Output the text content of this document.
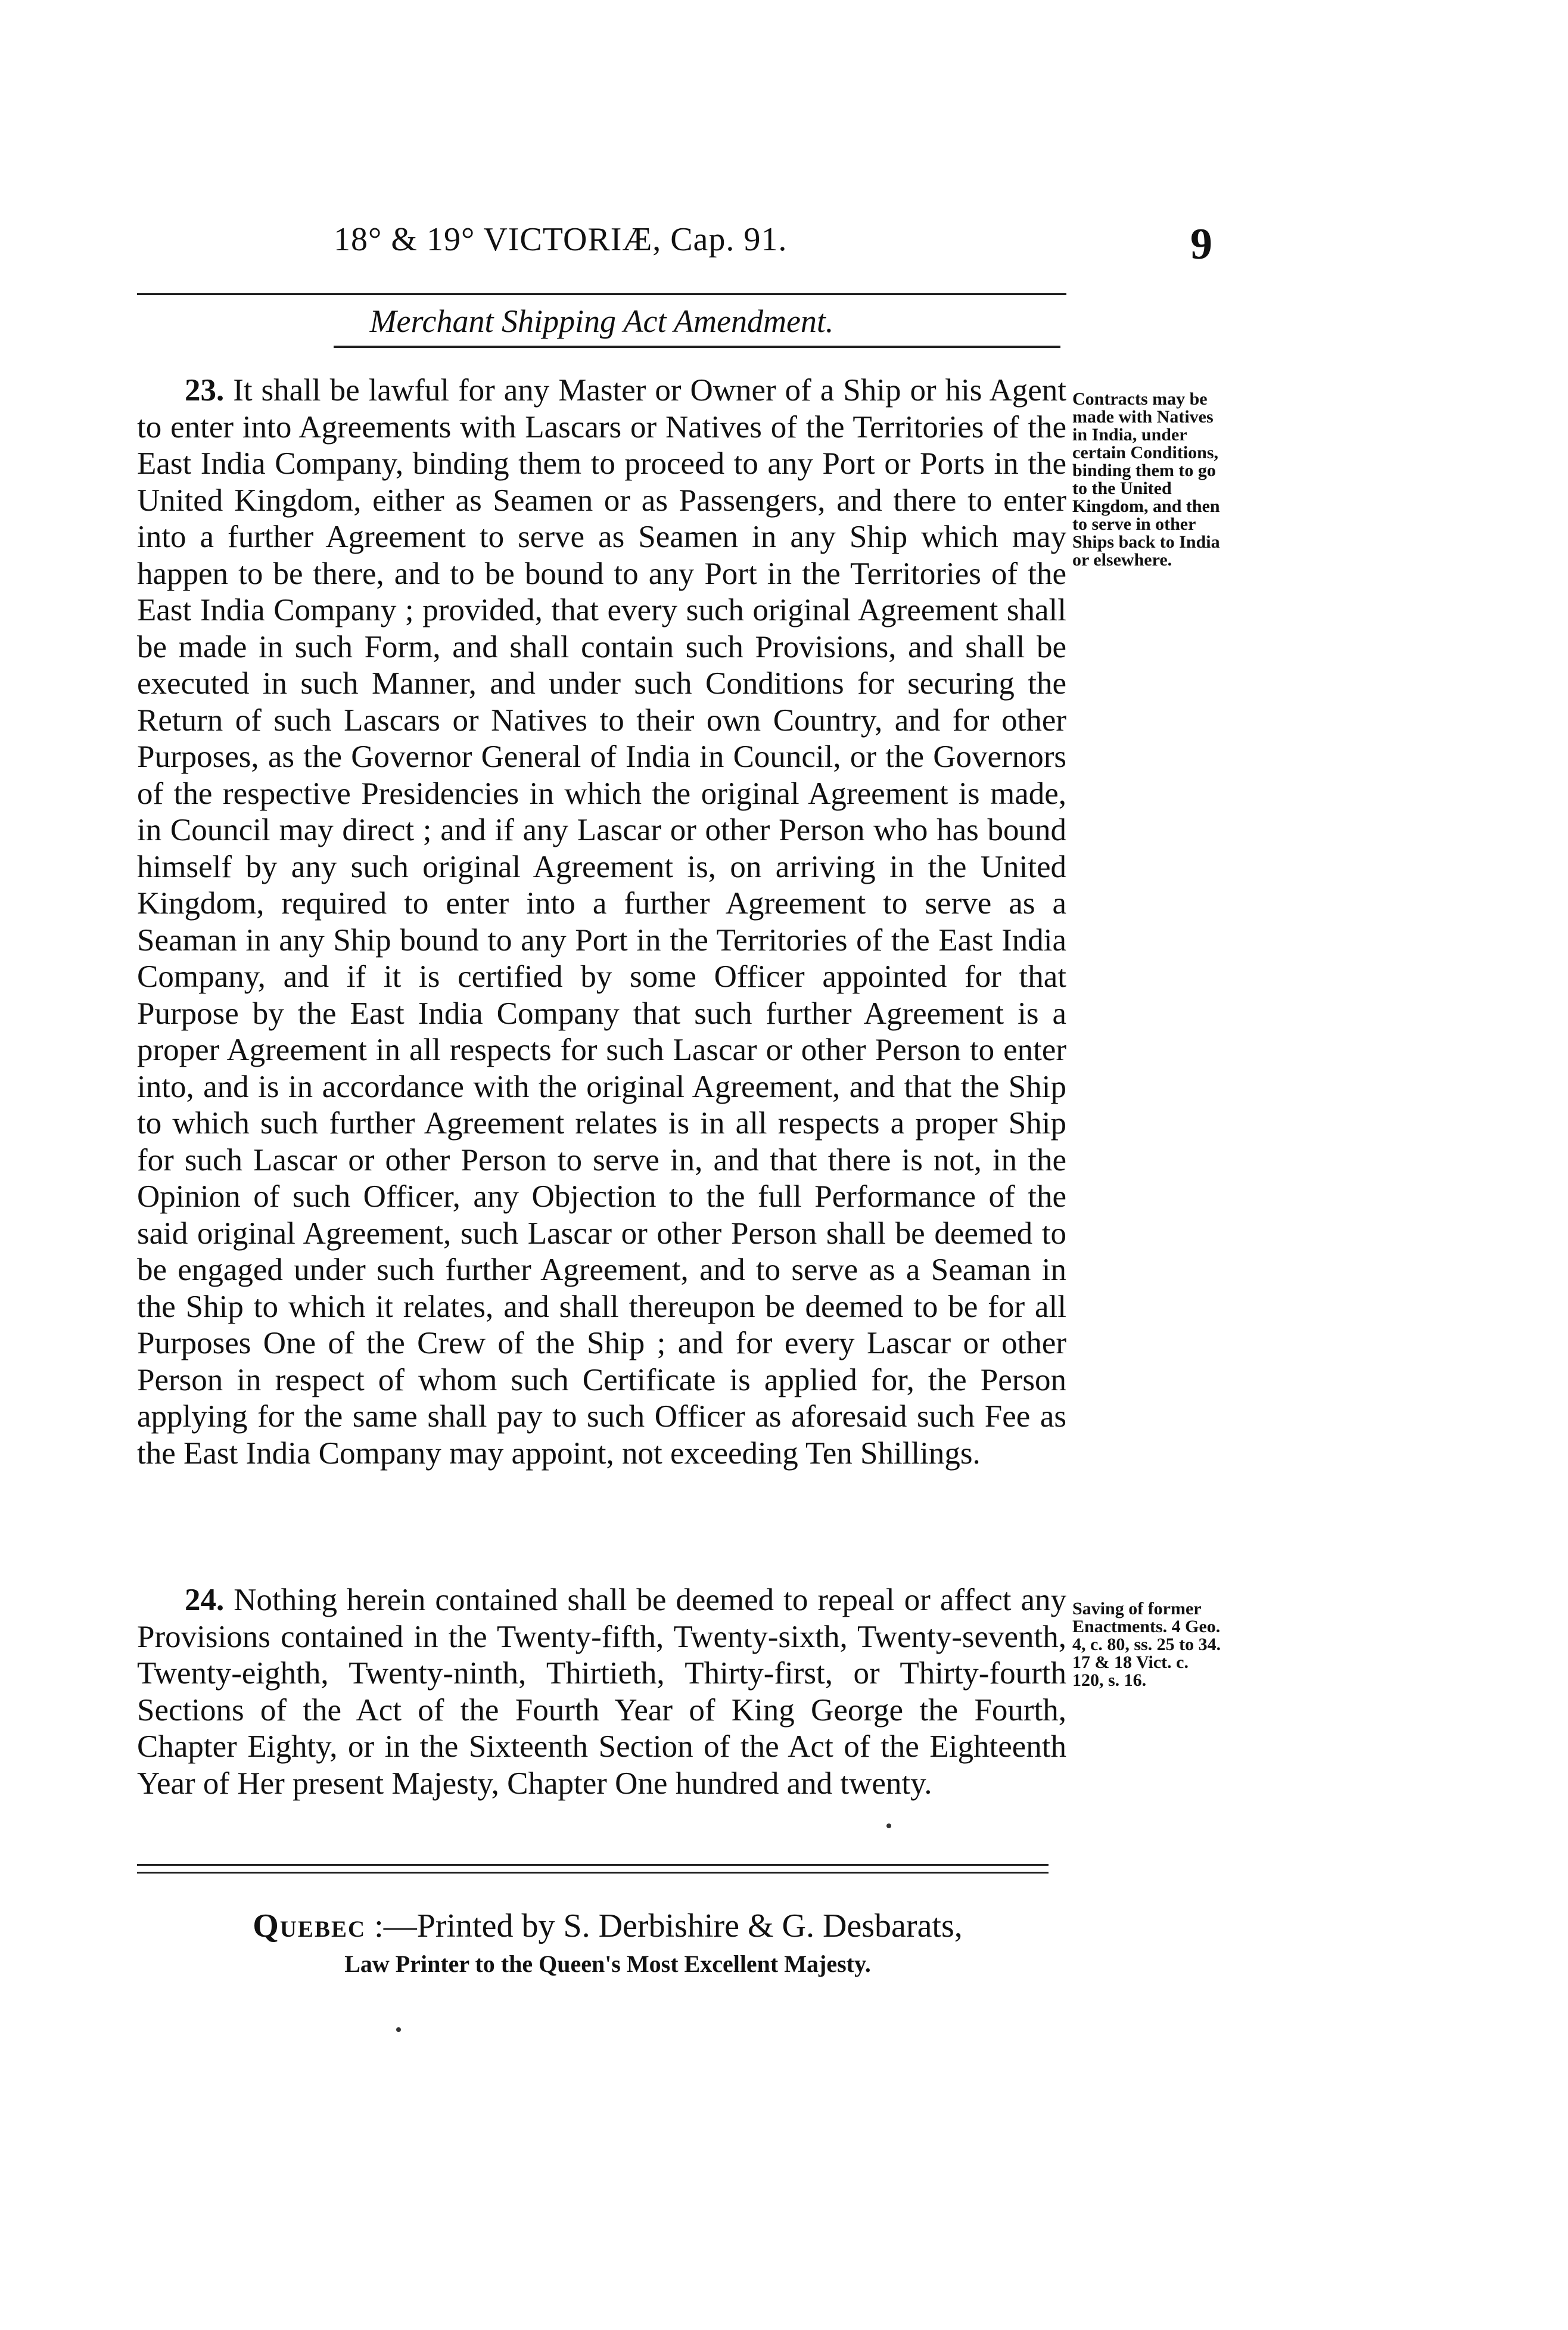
18° & 19° VICTORIÆ, Cap. 91.	9
Merchant Shipping Act Amendment.

23. It shall be lawful for any Master or Owner of a Ship or his Agent to enter into Agreements with Lascars or Natives of the Territories of the East India Company, binding them to proceed to any Port or Ports in the United Kingdom, either as Seamen or as Passengers, and there to enter into a further Agreement to serve as Seamen in any Ship which may happen to be there, and to be bound to any Port in the Territories of the East India Company ; provided, that every such original Agreement shall be made in such Form, and shall contain such Provisions, and shall be executed in such Manner, and under such Conditions for securing the Return of such Lascars or Natives to their own Country, and for other Purposes, as the Governor General of India in Council, or the Governors of the respective Presidencies in which the original Agreement is made, in Council may direct ; and if any Lascar or other Person who has bound himself by any such original Agreement is, on arriving in the United Kingdom, required to enter into a further Agreement to serve as a Seaman in any Ship bound to any Port in the Territories of the East India Company, and if it is certified by some Officer appointed for that Purpose by the East India Company that such further Agreement is a proper Agreement in all respects for such Lascar or other Person to enter into, and is in accordance with the original Agreement, and that the Ship to which such further Agreement relates is in all respects a proper Ship for such Lascar or other Person to serve in, and that there is not, in the Opinion of such Officer, any Objection to the full Performance of the said original Agreement, such Lascar or other Person shall be deemed to be engaged under such further Agreement, and to serve as a Seaman in the Ship to which it relates, and shall thereupon be deemed to be for all Purposes One of the Crew of the Ship ; and for every Lascar or other Person in respect of whom such Certificate is applied for, the Person applying for the same shall pay to such Officer as aforesaid such Fee as the East India Company may appoint, not exceeding Ten Shillings.

Contracts may be made with Natives in India, under certain Conditions, binding them to go to the United Kingdom, and then to serve in other Ships back to India or elsewhere.

24. Nothing herein contained shall be deemed to repeal or affect any Provisions contained in the Twenty-fifth, Twenty-sixth, Twenty-seventh, Twenty-eighth, Twenty-ninth, Thirtieth, Thirty-first, or Thirty-fourth Sections of the Act of the Fourth Year of King George the Fourth, Chapter Eighty, or in the Sixteenth Section of the Act of the Eighteenth Year of Her present Majesty, Chapter One hundred and twenty.

Saving of former Enactments. 4 Geo. 4, c. 80, ss. 25 to 34. 17 & 18 Vict. c. 120, s. 16.
Quebec :—Printed by S. Derbishire & G. Desbarats,
Law Printer to the Queen's Most Excellent Majesty.
